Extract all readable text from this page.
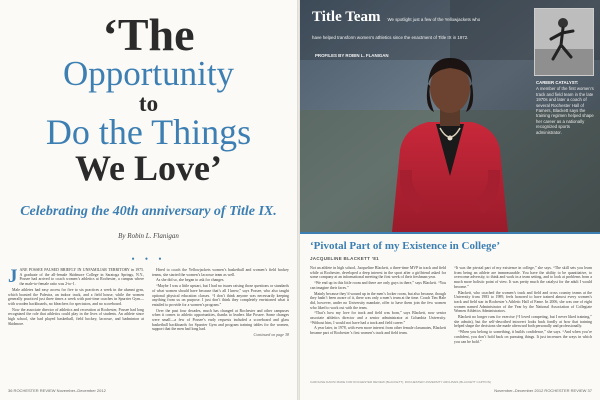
‘The
Opportunity
to
Do the Things
We Love’
Celebrating the 40th anniversary of Title IX.
By Robin L. Flanigan
• • •

JANE POSSEE PAUSED BRIEFLY IN UNFAMILIAR TERRITORY in 1975. A graduate of the all-female Skidmore College in Saratoga Springs, N.Y., Possee had arrived to coach women’s athletics at Rochester, a campus where the male-to-female ratio was 2-to-1.

Male athletes had easy access for five to six practices a week in the alumni gym, which boasted the Palestra, an indoor track, and a field house, while the women generally practiced just three times a week with part-time coaches in Spurrier Gym—with wooden backboards, no bleachers for spectators, and no scoreboard.

Now the associate director of athletics and recreation at Rochester, Possee had long recognized the role that athletics could play in the lives of students. An athlete since high school, she had played basketball, field hockey, lacrosse, and badminton at Skidmore.

Hired to coach the Yellowjackets women’s basketball and women’s field hockey teams, she started the women’s lacrosse team as well.

As she did so, she began to ask for changes.

“Maybe I was a little upstart, but I had no issues raising those questions or standards of what women should have because that’s all I knew,” says Possee, who also taught optional physical education classes. “I don’t think anyone was necessarily keeping anything from us on purpose. I just don’t think they completely envisioned what it entailed to provide for a women’s program.”

Over the past four decades, much has changed at Rochester and other campuses when it comes to athletic opportunities, thanks to leaders like Possee. Some changes were small—a few of Possee’s early requests included a scoreboard and glass basketball backboards for Spurrier Gym and program training tables for the women, support that the men had long had.

Continued on page 38
36 ROCHESTER REVIEW November–December 2012
Title Team We spotlight just a few of the Yellowjackets who have helped transform women’s athletics since the enactment of Title IX in 1972. PROFILES BY ROBIN L. FLANIGAN
CAREER CATALYST:
A member of the first women’s track and field team in the late 1970s and later a coach of several Rochester Hall of Famers, Blackett says the training regimen helped shape her career as a nationally recognized sports administrator.
‘Pivotal Part of my Existence in College’
JACQUELINE BLACKETT ’81

Not an athlete in high school, Jacqueline Blackett, a three-time MVP in track and field while at Rochester, developed a deep interest in the sport after a girlfriend asked for some company at an informational meeting the first week of their freshman year.

“We end up in this little room and there are only guys in there,” says Blackett. “You can imagine their faces.”

Mainly because they’d wound up in the men’s locker room, but also because, though they hadn’t been aware of it, there was only a men’s team at the time. Coach Tim Hale did, however, under no University mandate, offer to have them join the few women who liked to work out with the team.

“That’s how my love for track and field was born,” says Blackett, now senior associate athletics director and a senior administrator at Columbia University. “Without him, I would not have had a track and field career.”

A year later, in 1978, with even more interest from other female classmates, Blackett became part of Rochester’s first women’s track and field team.

“It was the pivotal part of my existence in college,” she says. “The skill sets you learn from being an athlete are immeasurable. You have the ability to be quantitative, to overcome adversity, to think and work in a team setting, and to look at problems from a much more holistic point of view. It was pretty much the catalyst for the adult I would become.”

Blackett, who coached the women’s track and field and cross country teams at the University from 1983 to 1989, feels honored to have trained almost every women’s track and field star in Rochester’s Athletic Hall of Fame. In 2006, she was one of eight women named Administrator of the Year by the National Association of Collegiate Women Athletics Administrators.

Blackett no longer runs for exercise (“I loved competing, but I never liked training,” she admits), but the self-described introvert looks back fondly at how that training helped shape the decisions she made afterward both personally and professionally.

“When you belong to something, it builds confidence,” she says. “And when you’re confident, you don’t hold back on pursuing things. It just increases the ways in which you can be bold.”

CAROLINE DAVIS/ MADE FOR ROCHESTER REVIEW (BLACKETT); ROCHESTER UNIVERSITY ARCHIVES (BLACKETT CAPTION)
November–December 2012 ROCHESTER REVIEW 37
